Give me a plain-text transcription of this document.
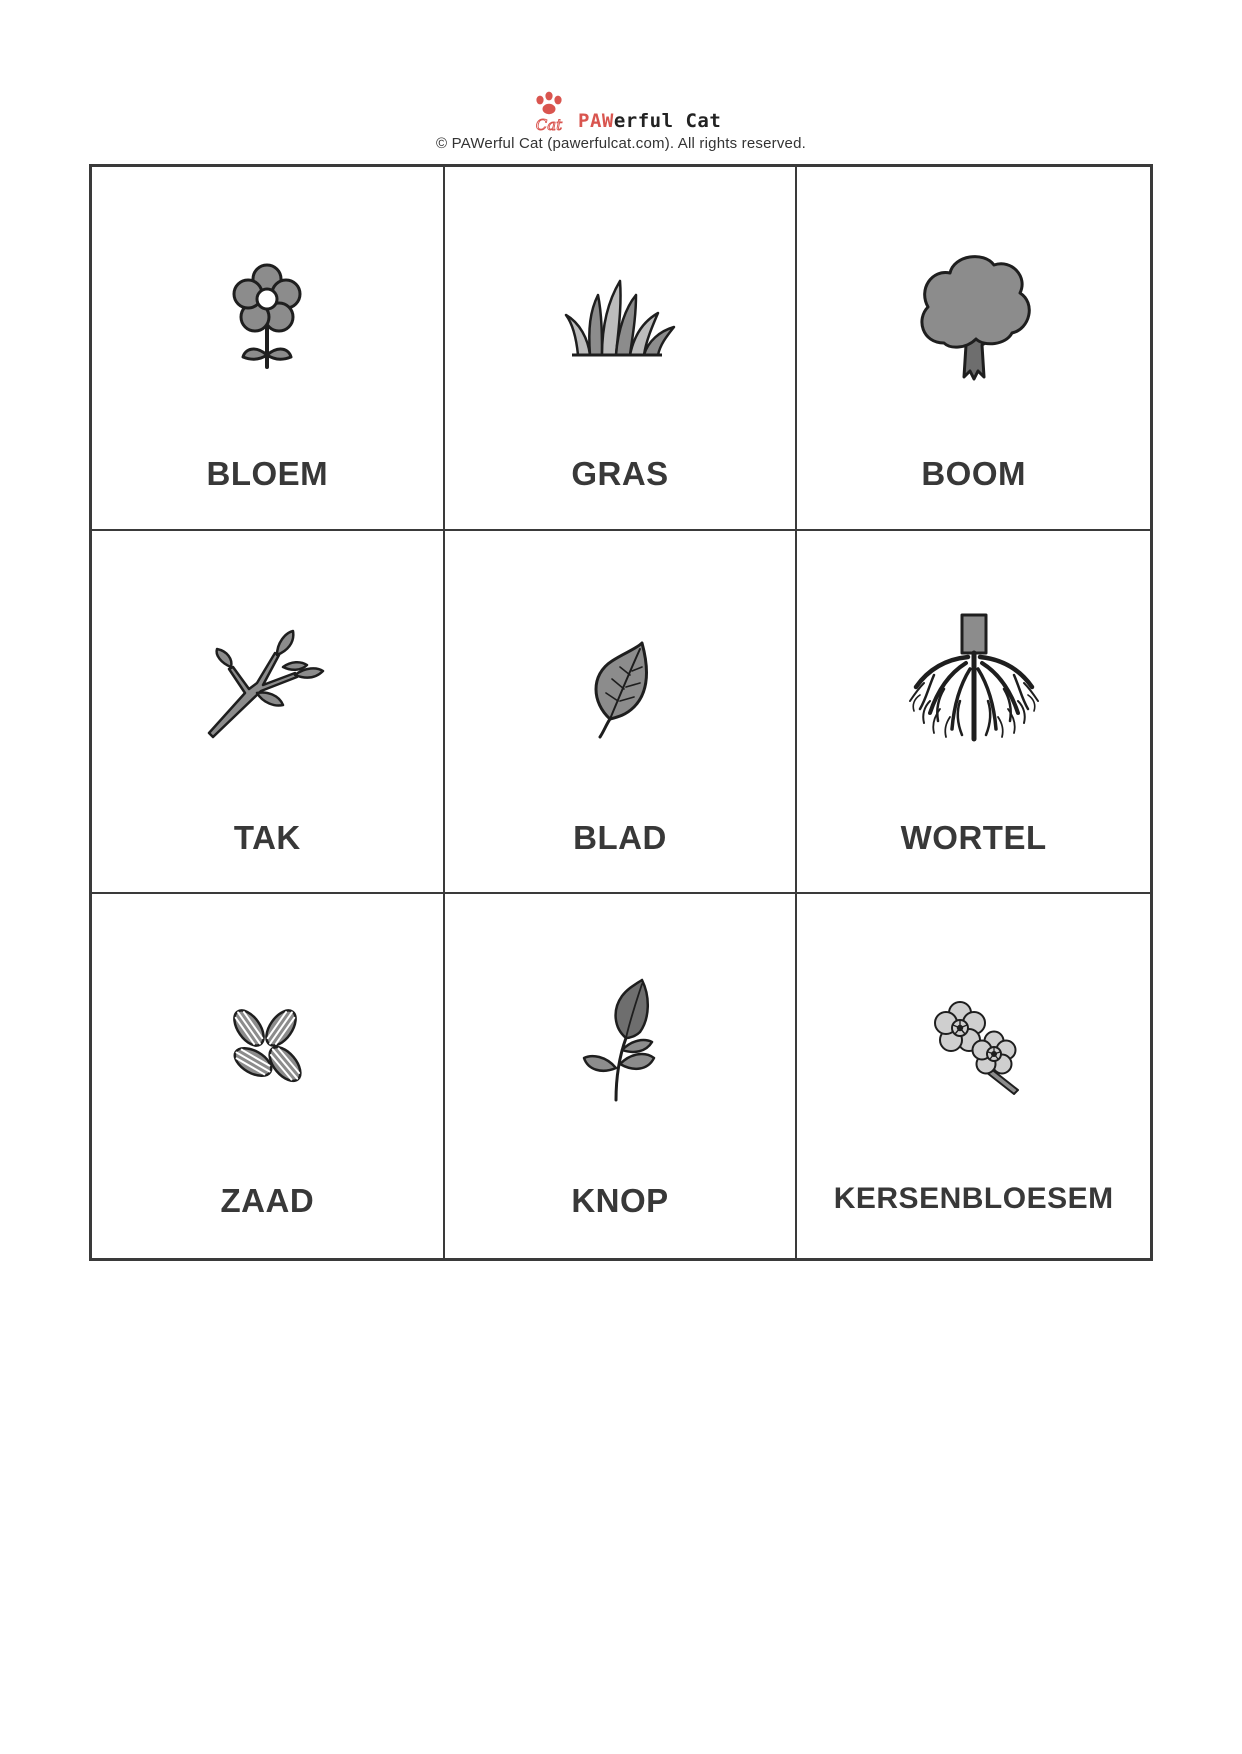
Cat PAWerful Cat
© PAWerful Cat (pawerfulcat.com). All rights reserved.
BLOEM	GRAS	BOOM
TAK	BLAD	WORTEL
ZAAD	KNOP	KERSENBLOESEM
